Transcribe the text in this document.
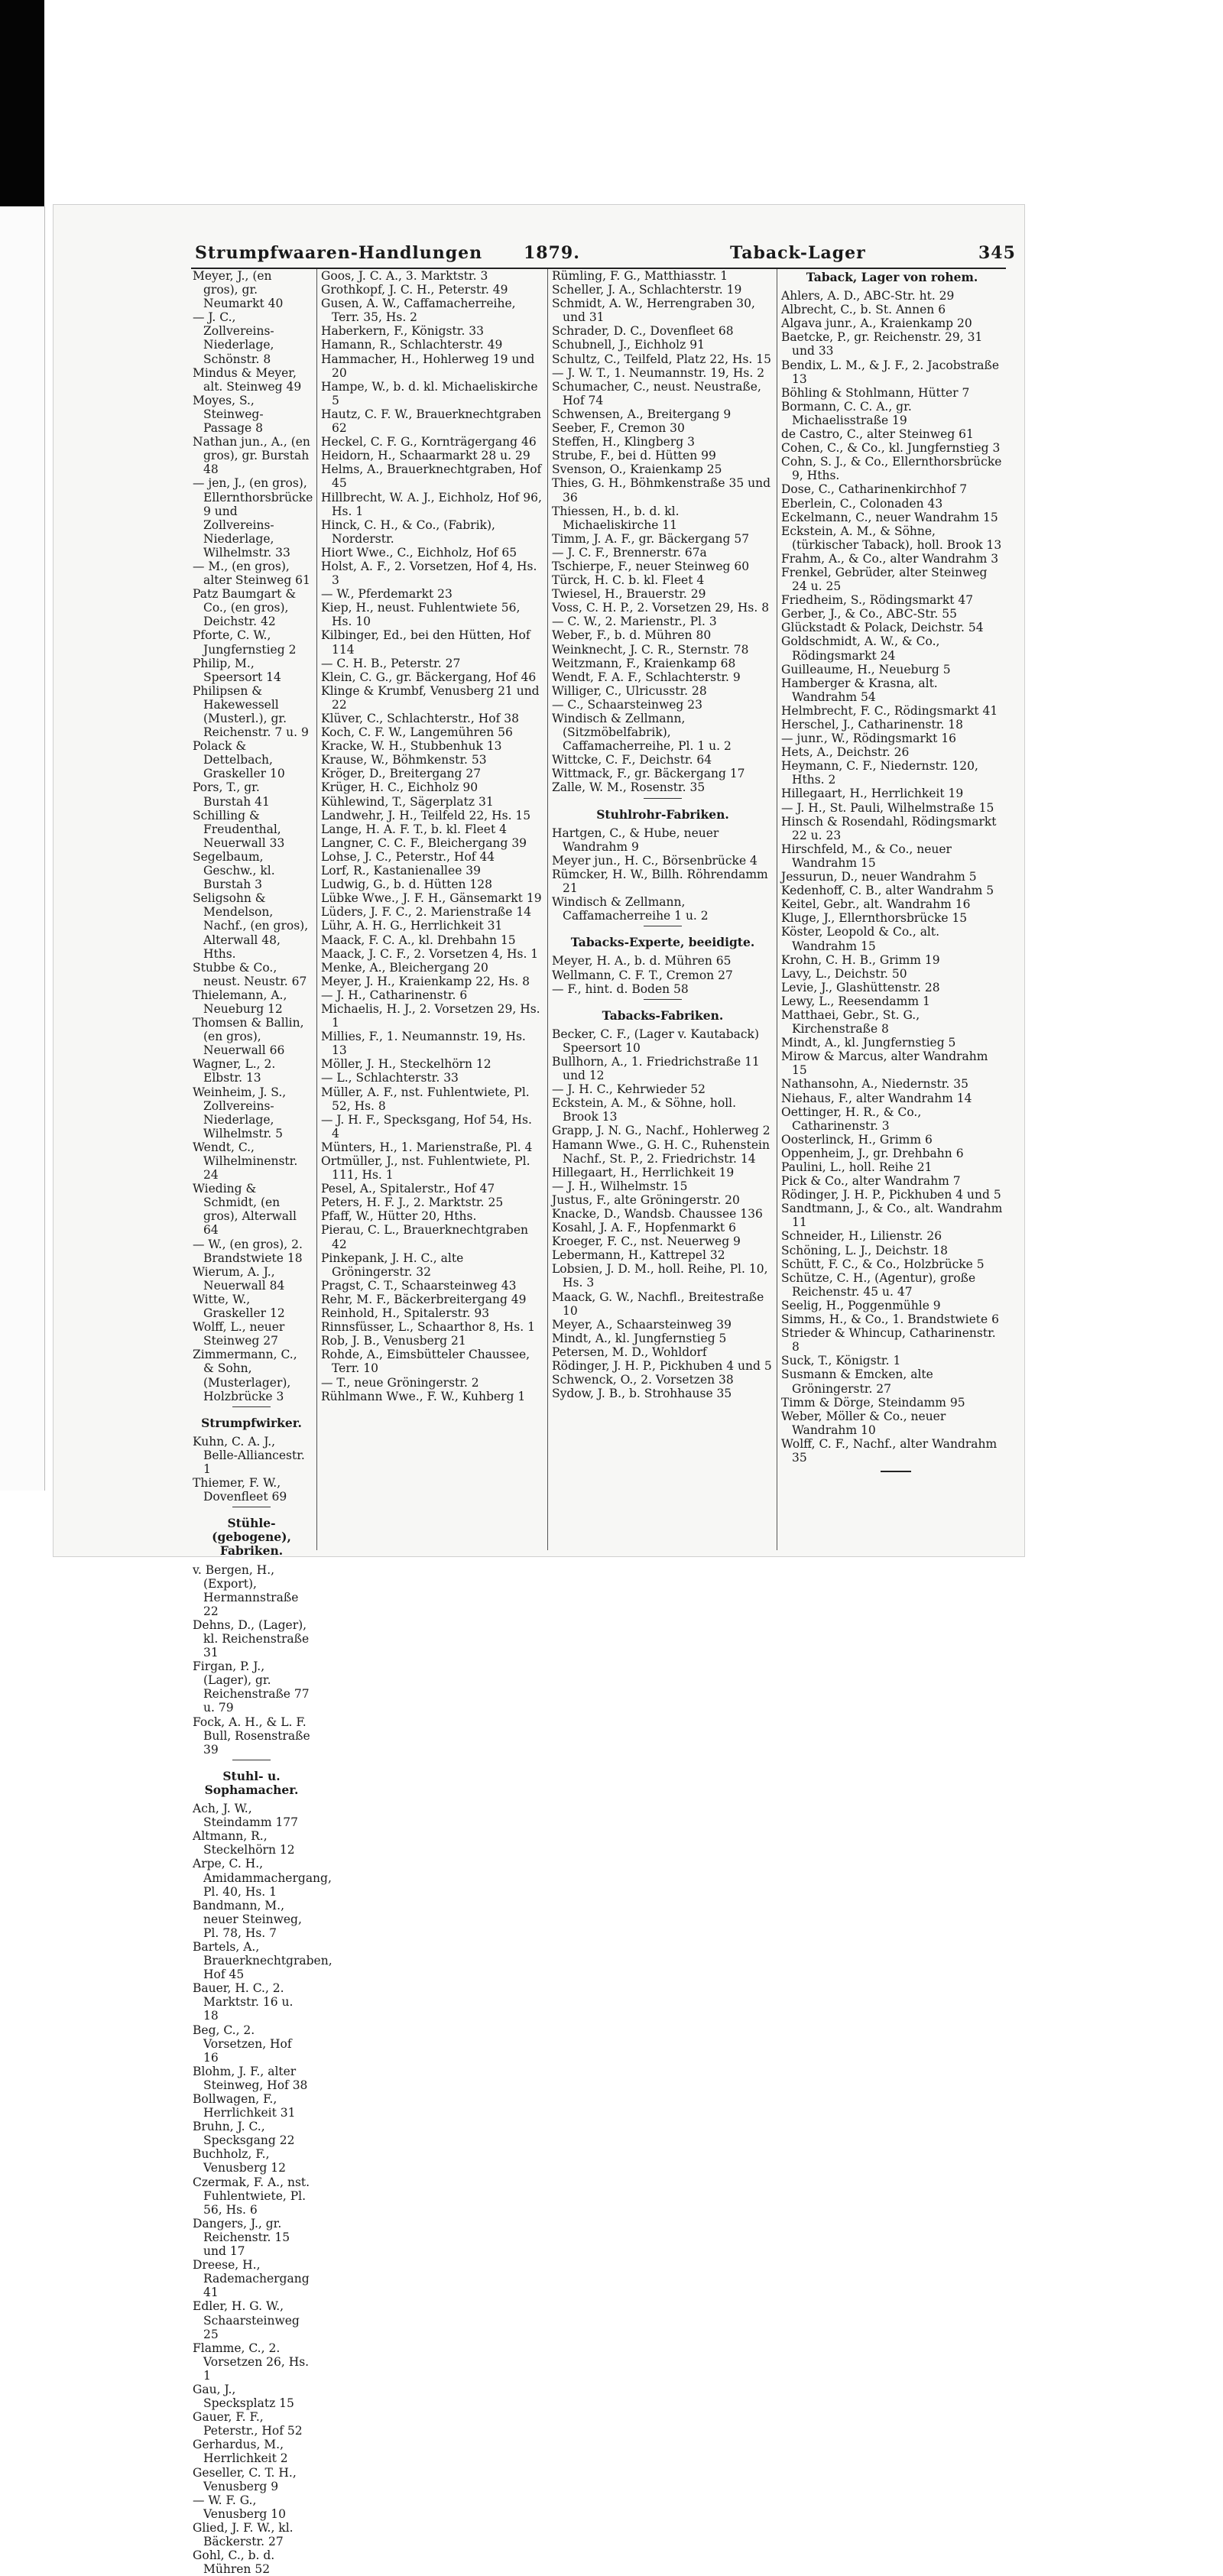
Strumpfwaaren-Handlungen 1879.	Taback-Lager	345
Meyer, J., (en gros), gr. Neumarkt 40
— J. C., Zollvereins-Niederlage, Schönstr. 8
Mindus & Meyer, alt. Steinweg 49
Moyes, S., Steinweg-Passage 8
Nathan jun., A., (en gros), gr. Burstah 48
— jen, J., (en gros), Ellernthorsbrücke 9 und Zollvereins-Niederlage, Wilhelmstr. 33
— M., (en gros), alter Steinweg 61
Patz Baumgart & Co., (en gros), Deichstr. 42
Pforte, C. W., Jungfernstieg 2
Philip, M., Speersort 14
Philipsen & Hakewessell (Musterl.), gr. Reichenstr. 7 u. 9
Polack & Dettelbach, Graskeller 10
Pors, T., gr. Burstah 41
Schilling & Freudenthal, Neuerwall 33
Segelbaum, Geschw., kl. Burstah 3
Seligsohn & Mendelson, Nachf., (en gros), Alterwall 48, Hths.
Stubbe & Co., neust. Neustr. 67
Thielemann, A., Neueburg 12
Thomsen & Ballin, (en gros), Neuerwall 66
Wagner, L., 2. Elbstr. 13
Weinheim, J. S., Zollvereins-Niederlage, Wilhelmstr. 5
Wendt, C., Wilhelminenstr. 24
Wieding & Schmidt, (en gros), Alterwall 64
— W., (en gros), 2. Brandstwiete 18
Wierum, A. J., Neuerwall 84
Witte, W., Graskeller 12
Wolff, L., neuer Steinweg 27
Zimmermann, C., & Sohn, (Musterlager), Holzbrücke 3
Strumpfwirker.
Kuhn, C. A. J., Belle-Alliancestr. 1
Thiemer, F. W., Dovenfleet 69
Stühle- (gebogene), Fabriken.
v. Bergen, H., (Export), Hermannstraße 22
Dehns, D., (Lager), kl. Reichenstraße 31
Firgan, P. J., (Lager), gr. Reichenstraße 77 u. 79
Fock, A. H., & L. F. Bull, Rosenstraße 39
Stuhl- u. Sophamacher.
Ach, J. W., Steindamm 177
Altmann, R., Steckelhörn 12
Arpe, C. H., Amidammachergang, Pl. 40, Hs. 1
Bandmann, M., neuer Steinweg, Pl. 78, Hs. 7
Bartels, A., Brauerknechtgraben, Hof 45
Bauer, H. C., 2. Marktstr. 16 u. 18
Beg, C., 2. Vorsetzen, Hof 16
Blohm, J. F., alter Steinweg, Hof 38
Bollwagen, F., Herrlichkeit 31
Bruhn, J. C., Specksgang 22
Buchholz, F., Venusberg 12
Czermak, F. A., nst. Fuhlentwiete, Pl. 56, Hs. 6
Dangers, J., gr. Reichenstr. 15 und 17
Dreese, H., Rademachergang 41
Edler, H. G. W., Schaarsteinweg 25
Flamme, C., 2. Vorsetzen 26, Hs. 1
Gau, J., Specksplatz 15
Gauer, F. F., Peterstr., Hof 52
Gerhardus, M., Herrlichkeit 2
Geseller, C. T. H., Venusberg 9
— W. F. G., Venusberg 10
Glied, J. F. W., kl. Bäckerstr. 27
Gohl, C., b. d. Mühren 52
Goos, J. C. A., 3. Marktstr. 3
Grothkopf, J. C. H., Peterstr. 49
Gusen, A. W., Caffamacherreihe, Terr. 35, Hs. 2
Haberkern, F., Königstr. 33
Hamann, R., Schlachterstr. 49
Hammacher, H., Hohlerweg 19 und 20
Hampe, W., b. d. kl. Michaeliskirche 5
Hautz, C. F. W., Brauerknechtgraben 62
Heckel, C. F. G., Kornträgergang 46
Heidorn, H., Schaarmarkt 28 u. 29
Helms, A., Brauerknechtgraben, Hof 45
Hillbrecht, W. A. J., Eichholz, Hof 96, Hs. 1
Hinck, C. H., & Co., (Fabrik), Norderstr.
Hiort Wwe., C., Eichholz, Hof 65
Holst, A. F., 2. Vorsetzen, Hof 4, Hs. 3
— W., Pferdemarkt 23
Kiep, H., neust. Fuhlentwiete 56, Hs. 10
Kilbinger, Ed., bei den Hütten, Hof 114
— C. H. B., Peterstr. 27
Klein, C. G., gr. Bäckergang, Hof 46
Klinge & Krumbf, Venusberg 21 und 22
Klüver, C., Schlachterstr., Hof 38
Koch, C. F. W., Langemühren 56
Kracke, W. H., Stubbenhuk 13
Krause, W., Böhmkenstr. 53
Kröger, D., Breitergang 27
Krüger, H. C., Eichholz 90
Kühlewind, T., Sägerplatz 31
Landwehr, J. H., Teilfeld 22, Hs. 15
Lange, H. A. F. T., b. kl. Fleet 4
Langner, C. C. F., Bleichergang 39
Lohse, J. C., Peterstr., Hof 44
Lorf, R., Kastanienallee 39
Ludwig, G., b. d. Hütten 128
Lübke Wwe., J. F. H., Gänsemarkt 19
Lüders, J. F. C., 2. Marienstraße 14
Lühr, A. H. G., Herrlichkeit 31
Maack, F. C. A., kl. Drehbahn 15
Maack, J. C. F., 2. Vorsetzen 4, Hs. 1
Menke, A., Bleichergang 20
Meyer, J. H., Kraienkamp 22, Hs. 8
— J. H., Catharinenstr. 6
Michaelis, H. J., 2. Vorsetzen 29, Hs. 1
Millies, F., 1. Neumannstr. 19, Hs. 13
Möller, J. H., Steckelhörn 12
— L., Schlachterstr. 33
Müller, A. F., nst. Fuhlentwiete, Pl. 52, Hs. 8
— J. H. F., Specksgang, Hof 54, Hs. 4
Münters, H., 1. Marienstraße, Pl. 4
Ortmüller, J., nst. Fuhlentwiete, Pl. 111, Hs. 1
Pesel, A., Spitalerstr., Hof 47
Peters, H. F. J., 2. Marktstr. 25
Pfaff, W., Hütter 20, Hths.
Pierau, C. L., Brauerknechtgraben 42
Pinkepank, J. H. C., alte Gröningerstr. 32
Pragst, C. T., Schaarsteinweg 43
Rehr, M. F., Bäckerbreitergang 49
Reinhold, H., Spitalerstr. 93
Rinnsfüsser, L., Schaarthor 8, Hs. 1
Rob, J. B., Venusberg 21
Rohde, A., Eimsbütteler Chaussee, Terr. 10
— T., neue Gröningerstr. 2
Rühlmann Wwe., F. W., Kuhberg 1
Rümling, F. G., Matthiasstr. 1
Scheller, J. A., Schlachterstr. 19
Schmidt, A. W., Herrengraben 30, und 31
Schrader, D. C., Dovenfleet 68
Schubnell, J., Eichholz 91
Schultz, C., Teilfeld, Platz 22, Hs. 15
— J. W. T., 1. Neumannstr. 19, Hs. 2
Schumacher, C., neust. Neustraße, Hof 74
Schwensen, A., Breitergang 9
Seeber, F., Cremon 30
Steffen, H., Klingberg 3
Strube, F., bei d. Hütten 99
Svenson, O., Kraienkamp 25
Thies, G. H., Böhmkenstraße 35 und 36
Thiessen, H., b. d. kl. Michaeliskirche 11
Timm, J. A. F., gr. Bäckergang 57
— J. C. F., Brennerstr. 67a
Tschierpe, F., neuer Steinweg 60
Türck, H. C. b. kl. Fleet 4
Twiesel, H., Brauerstr. 29
Voss, C. H. P., 2. Vorsetzen 29, Hs. 8
— C. W., 2. Marienstr., Pl. 3
Weber, F., b. d. Mühren 80
Weinknecht, J. C. R., Sternstr. 78
Weitzmann, F., Kraienkamp 68
Wendt, F. A. F., Schlachterstr. 9
Williger, C., Ulricusstr. 28
— C., Schaarsteinweg 23
Windisch & Zellmann, (Sitzmöbelfabrik), Caffamacherreihe, Pl. 1 u. 2
Wittcke, C. F., Deichstr. 64
Wittmack, F., gr. Bäckergang 17
Zalle, W. M., Rosenstr. 35
Stuhlrohr-Fabriken.
Hartgen, C., & Hube, neuer Wandrahm 9
Meyer jun., H. C., Börsenbrücke 4
Rümcker, H. W., Billh. Röhrendamm 21
Windisch & Zellmann, Caffamacherreihe 1 u. 2
Tabacks-Experte, beeidigte.
Meyer, H. A., b. d. Mühren 65
Wellmann, C. F. T., Cremon 27
— F., hint. d. Boden 58
Tabacks-Fabriken.
Becker, C. F., (Lager v. Kautaback) Speersort 10
Bullhorn, A., 1. Friedrichstraße 11 und 12
— J. H. C., Kehrwieder 52
Eckstein, A. M., & Söhne, holl. Brook 13
Grapp, J. N. G., Nachf., Hohlerweg 2
Hamann Wwe., G. H. C., Ruhenstein Nachf., St. P., 2. Friedrichstr. 14
Hillegaart, H., Herrlichkeit 19
— J. H., Wilhelmstr. 15
Justus, F., alte Gröningerstr. 20
Knacke, D., Wandsb. Chaussee 136
Kosahl, J. A. F., Hopfenmarkt 6
Kroeger, F. C., nst. Neuerweg 9
Lebermann, H., Kattrepel 32
Lobsien, J. D. M., holl. Reihe, Pl. 10, Hs. 3
Maack, G. W., Nachfl., Breitestraße 10
Meyer, A., Schaarsteinweg 39
Mindt, A., kl. Jungfernstieg 5
Petersen, M. D., Wohldorf
Rödinger, J. H. P., Pickhuben 4 und 5
Schwenck, O., 2. Vorsetzen 38
Sydow, J. B., b. Strohhause 35
Taback, Lager von rohem.
Ahlers, A. D., ABC-Str. ht. 29
Albrecht, C., b. St. Annen 6
Algava junr., A., Kraienkamp 20
Baetcke, P., gr. Reichenstr. 29, 31 und 33
Bendix, L. M., & J. F., 2. Jacobstraße 13
Böhling & Stohlmann, Hütter 7
Bormann, C. C. A., gr. Michaelisstraße 19
de Castro, C., alter Steinweg 61
Cohen, C., & Co., kl. Jungfernstieg 3
Cohn, S. J., & Co., Ellernthorsbrücke 9, Hths.
Dose, C., Catharinenkirchhof 7
Eberlein, C., Colonaden 43
Eckelmann, C., neuer Wandrahm 15
Eckstein, A. M., & Söhne, (türkischer Taback), holl. Brook 13
Frahm, A., & Co., alter Wandrahm 3
Frenkel, Gebrüder, alter Steinweg 24 u. 25
Friedheim, S., Rödingsmarkt 47
Gerber, J., & Co., ABC-Str. 55
Glückstadt & Polack, Deichstr. 54
Goldschmidt, A. W., & Co., Rödingsmarkt 24
Guilleaume, H., Neueburg 5
Hamberger & Krasna, alt. Wandrahm 54
Helmbrecht, F. C., Rödingsmarkt 41
Herschel, J., Catharinenstr. 18
— junr., W., Rödingsmarkt 16
Hets, A., Deichstr. 26
Heymann, C. F., Niedernstr. 120, Hths. 2
Hillegaart, H., Herrlichkeit 19
— J. H., St. Pauli, Wilhelmstraße 15
Hinsch & Rosendahl, Rödingsmarkt 22 u. 23
Hirschfeld, M., & Co., neuer Wandrahm 15
Jessurun, D., neuer Wandrahm 5
Kedenhoff, C. B., alter Wandrahm 5
Keitel, Gebr., alt. Wandrahm 16
Kluge, J., Ellernthorsbrücke 15
Köster, Leopold & Co., alt. Wandrahm 15
Krohn, C. H. B., Grimm 19
Lavy, L., Deichstr. 50
Levie, J., Glashüttenstr. 28
Lewy, L., Reesendamm 1
Matthaei, Gebr., St. G., Kirchenstraße 8
Mindt, A., kl. Jungfernstieg 5
Mirow & Marcus, alter Wandrahm 15
Nathansohn, A., Niedernstr. 35
Niehaus, F., alter Wandrahm 14
Oettinger, H. R., & Co., Catharinenstr. 3
Oosterlinck, H., Grimm 6
Oppenheim, J., gr. Drehbahn 6
Paulini, L., holl. Reihe 21
Pick & Co., alter Wandrahm 7
Rödinger, J. H. P., Pickhuben 4 und 5
Sandtmann, J., & Co., alt. Wandrahm 11
Schneider, H., Lilienstr. 26
Schöning, L. J., Deichstr. 18
Schütt, F. C., & Co., Holzbrücke 5
Schütze, C. H., (Agentur), große Reichenstr. 45 u. 47
Seelig, H., Poggenmühle 9
Simms, H., & Co., 1. Brandstwiete 6
Strieder & Whincup, Catharinenstr. 8
Suck, T., Königstr. 1
Susmann & Emcken, alte Gröningerstr. 27
Timm & Dörge, Steindamm 95
Weber, Möller & Co., neuer Wandrahm 10
Wolff, C. F., Nachf., alter Wandrahm 35
